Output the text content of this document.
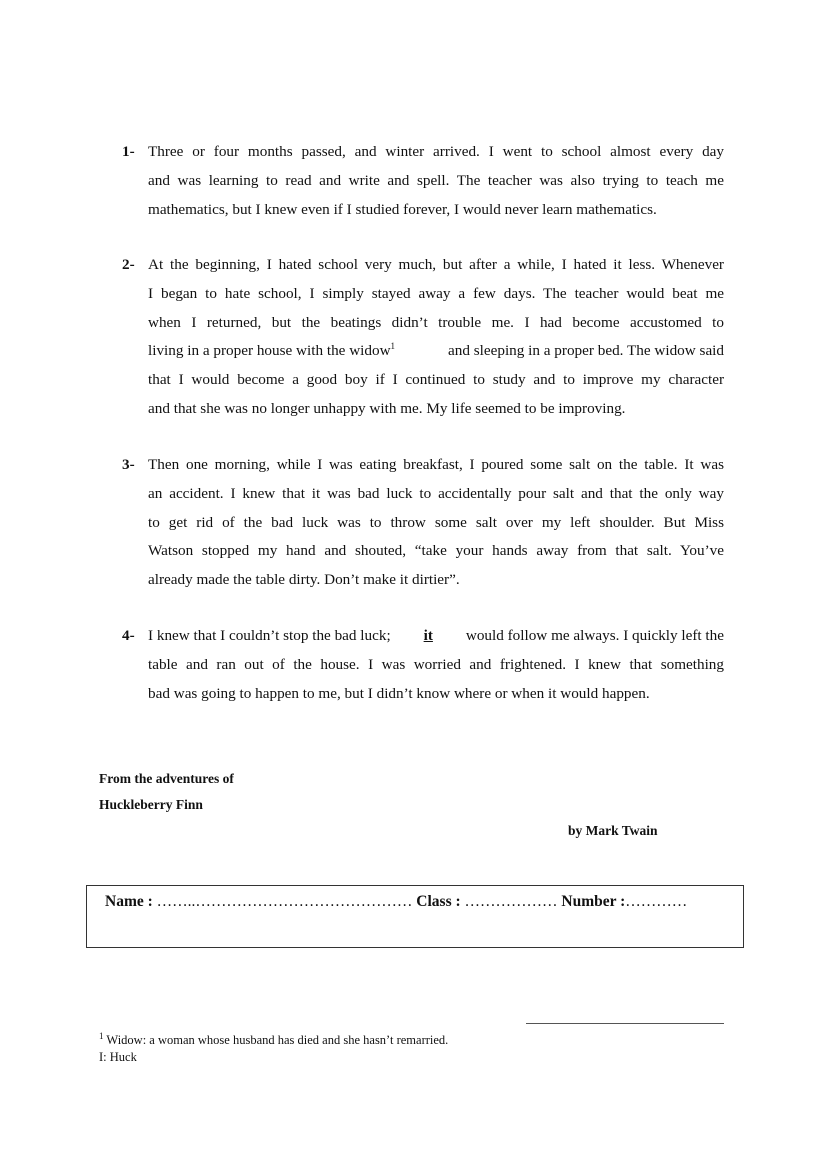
1- Three or four months passed, and winter arrived. I went to school almost every day
and was learning to read and write and spell. The teacher was also trying to teach me
mathematics, but I knew even if I studied forever, I would never learn mathematics.
2- At the beginning, I hated school very much, but after a while, I hated it less. Whenever
I began to hate school, I simply stayed away a few days. The teacher would beat me
when I returned, but the beatings didn’t trouble me. I had become accustomed to
living in a proper house with the widow$^1$	and sleeping in a proper bed. The widow said
that I would become a good boy if I continued to study and to improve my character
and that she was no longer unhappy with me. My life seemed to be improving.
3- Then one morning, while I was eating breakfast, I poured some salt on the table. It was
an accident. I knew that it was bad luck to accidentally pour salt and that the only way
to get rid of the bad luck was to throw some salt over my left shoulder. But Miss
Watson stopped my hand and shouted, “take your hands away from that salt. You’ve
already made the table dirty. Don’t make it dirtier”.
4- I knew that I couldn’t stop the bad luck; it would follow me always. I quickly left the
table and ran out of the house. I was worried and frightened. I knew that something
bad was going to happen to me, but I didn’t know where or when it would happen.
From the adventures of
Huckleberry Finn
by Mark Twain
Name : ……..…………………………………… Class : ……………… Number :…………
$^1$ Widow: a woman whose husband has died and she hasn’t remarried.
I: Huck
